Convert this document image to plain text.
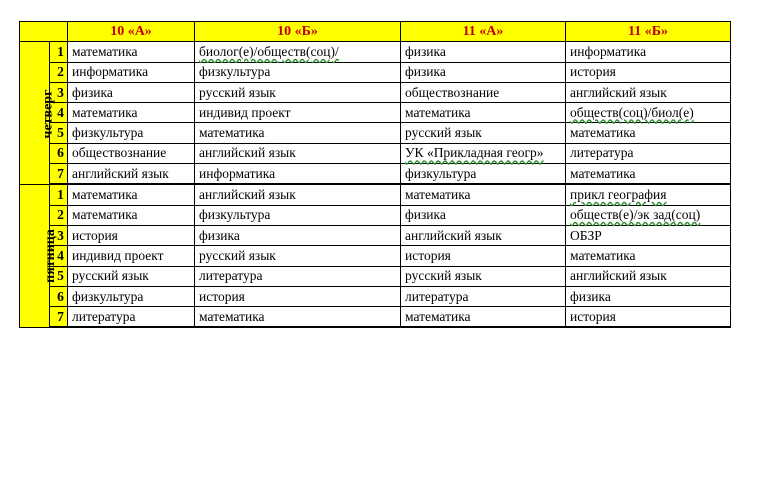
		10 «А»	10 «Б»	11 «А»	11 «Б»
четверг	1	математика	биолог(е)/обществ(соц)/	физика	информатика
	2	информатика	физкультура	физика	история
	3	физика	русский язык	обществознание	английский язык
	4	математика	индивид проект	математика	обществ(соц)/биол(е)
	5	физкультура	математика	русский язык	математика
	6	обществознание	английский язык	УК «Прикладная геогр»	литература
	7	английский язык	информатика	физкультура	математика
пятница	1	математика	английский язык	математика	прикл география
	2	математика	физкультура	физика	обществ(е)/эк зад(соц)
	3	история	физика	английский язык	ОБЗР
	4	индивид проект	русский язык	история	математика
	5	русский язык	литература	русский язык	английский язык
	6	физкультура	история	литература	физика
	7	литература	математика	математика	история
